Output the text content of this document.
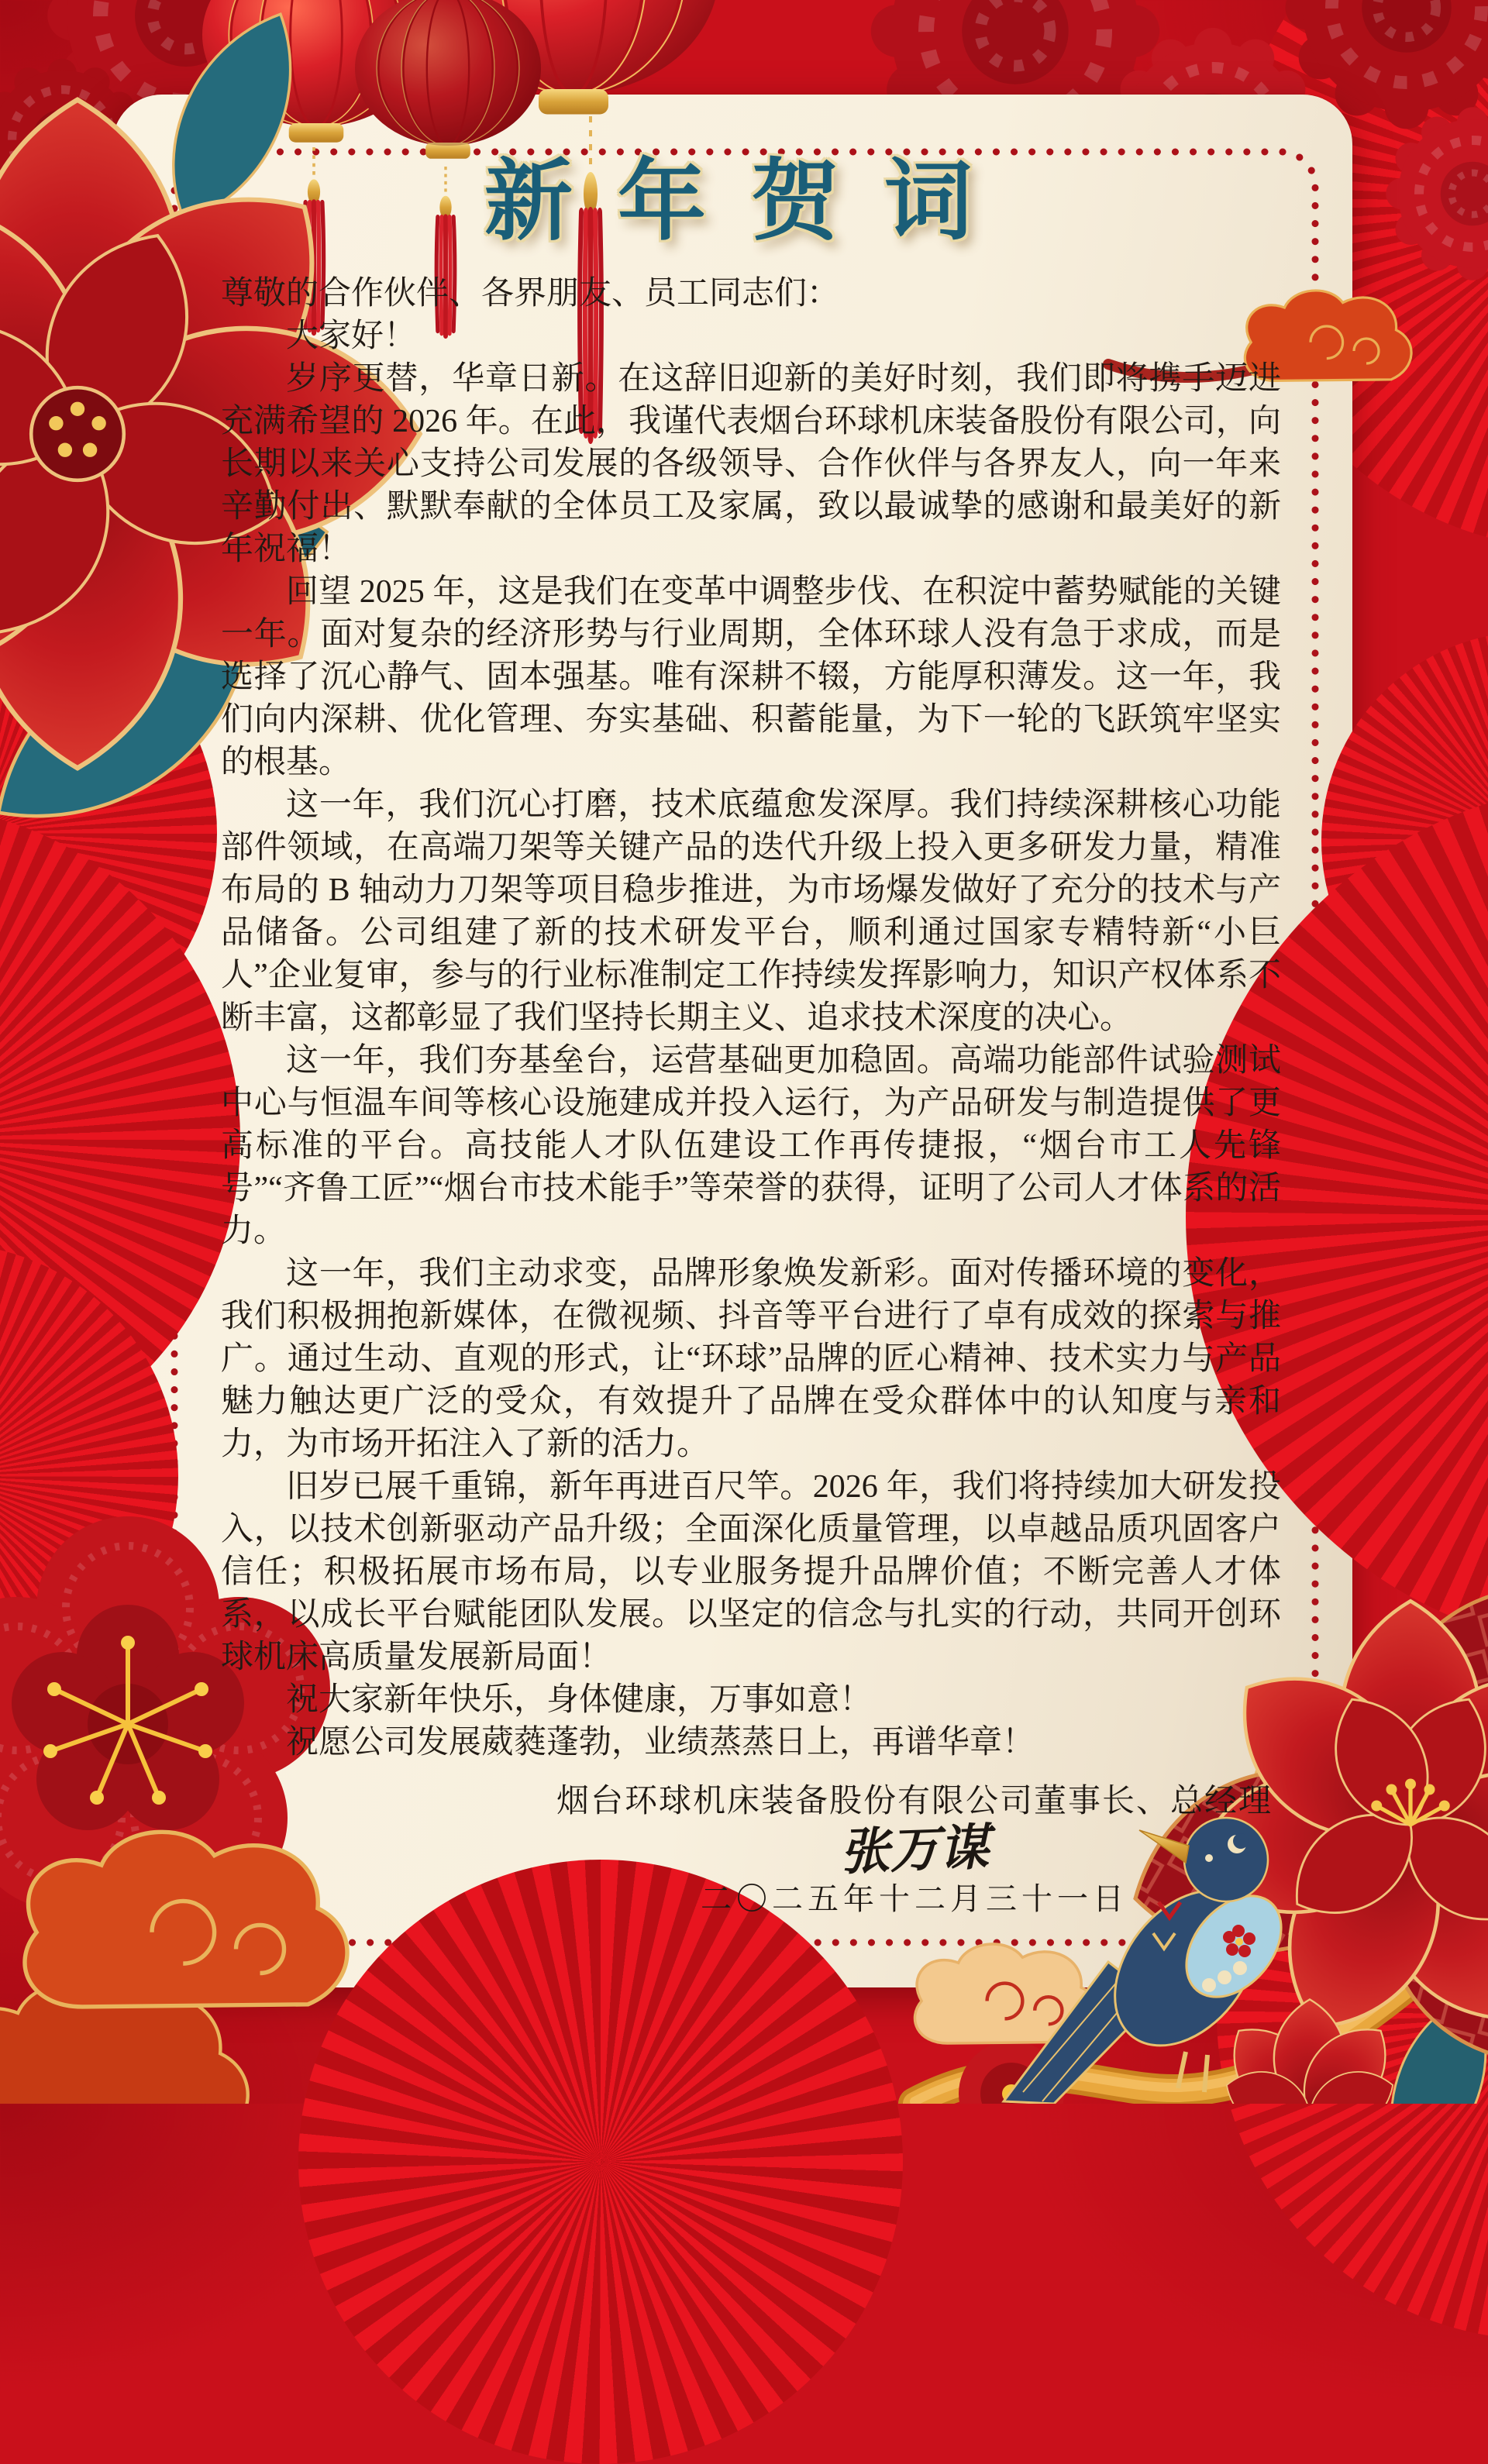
新年贺词

尊敬的合作伙伴、各界朋友、员工同志们：

大家好！

岁序更替，华章日新。在这辞旧迎新的美好时刻，我们即将携手迈进充满希望的 2026 年。在此，我谨代表烟台环球机床装备股份有限公司，向长期以来关心支持公司发展的各级领导、合作伙伴与各界友人，向一年来辛勤付出、默默奉献的全体员工及家属，致以最诚挚的感谢和最美好的新年祝福！

回望 2025 年，这是我们在变革中调整步伐、在积淀中蓄势赋能的关键一年。面对复杂的经济形势与行业周期，全体环球人没有急于求成，而是选择了沉心静气、固本强基。唯有深耕不辍，方能厚积薄发。这一年，我们向内深耕、优化管理、夯实基础、积蓄能量，为下一轮的飞跃筑牢坚实的根基。

这一年，我们沉心打磨，技术底蕴愈发深厚。我们持续深耕核心功能部件领域，在高端刀架等关键产品的迭代升级上投入更多研发力量，精准布局的 B 轴动力刀架等项目稳步推进，为市场爆发做好了充分的技术与产品储备。公司组建了新的技术研发平台，顺利通过国家专精特新“小巨人”企业复审，参与的行业标准制定工作持续发挥影响力，知识产权体系不断丰富，这都彰显了我们坚持长期主义、追求技术深度的决心。

这一年，我们夯基垒台，运营基础更加稳固。高端功能部件试验测试中心与恒温车间等核心设施建成并投入运行，为产品研发与制造提供了更高标准的平台。高技能人才队伍建设工作再传捷报，“烟台市工人先锋号”“齐鲁工匠”“烟台市技术能手”等荣誉的获得，证明了公司人才体系的活力。

这一年，我们主动求变，品牌形象焕发新彩。面对传播环境的变化，我们积极拥抱新媒体，在微视频、抖音等平台进行了卓有成效的探索与推广。通过生动、直观的形式，让“环球”品牌的匠心精神、技术实力与产品魅力触达更广泛的受众，有效提升了品牌在受众群体中的认知度与亲和力，为市场开拓注入了新的活力。

旧岁已展千重锦，新年再进百尺竿。2026 年，我们将持续加大研发投入，以技术创新驱动产品升级；全面深化质量管理，以卓越品质巩固客户信任；积极拓展市场布局，以专业服务提升品牌价值；不断完善人才体系，以成长平台赋能团队发展。以坚定的信念与扎实的行动，共同开创环球机床高质量发展新局面！

祝大家新年快乐，身体健康，万事如意！

祝愿公司发展葳蕤蓬勃，业绩蒸蒸日上，再谱华章！

烟台环球机床装备股份有限公司董事长、总经理
张万谋
二〇二五年十二月三十一日
